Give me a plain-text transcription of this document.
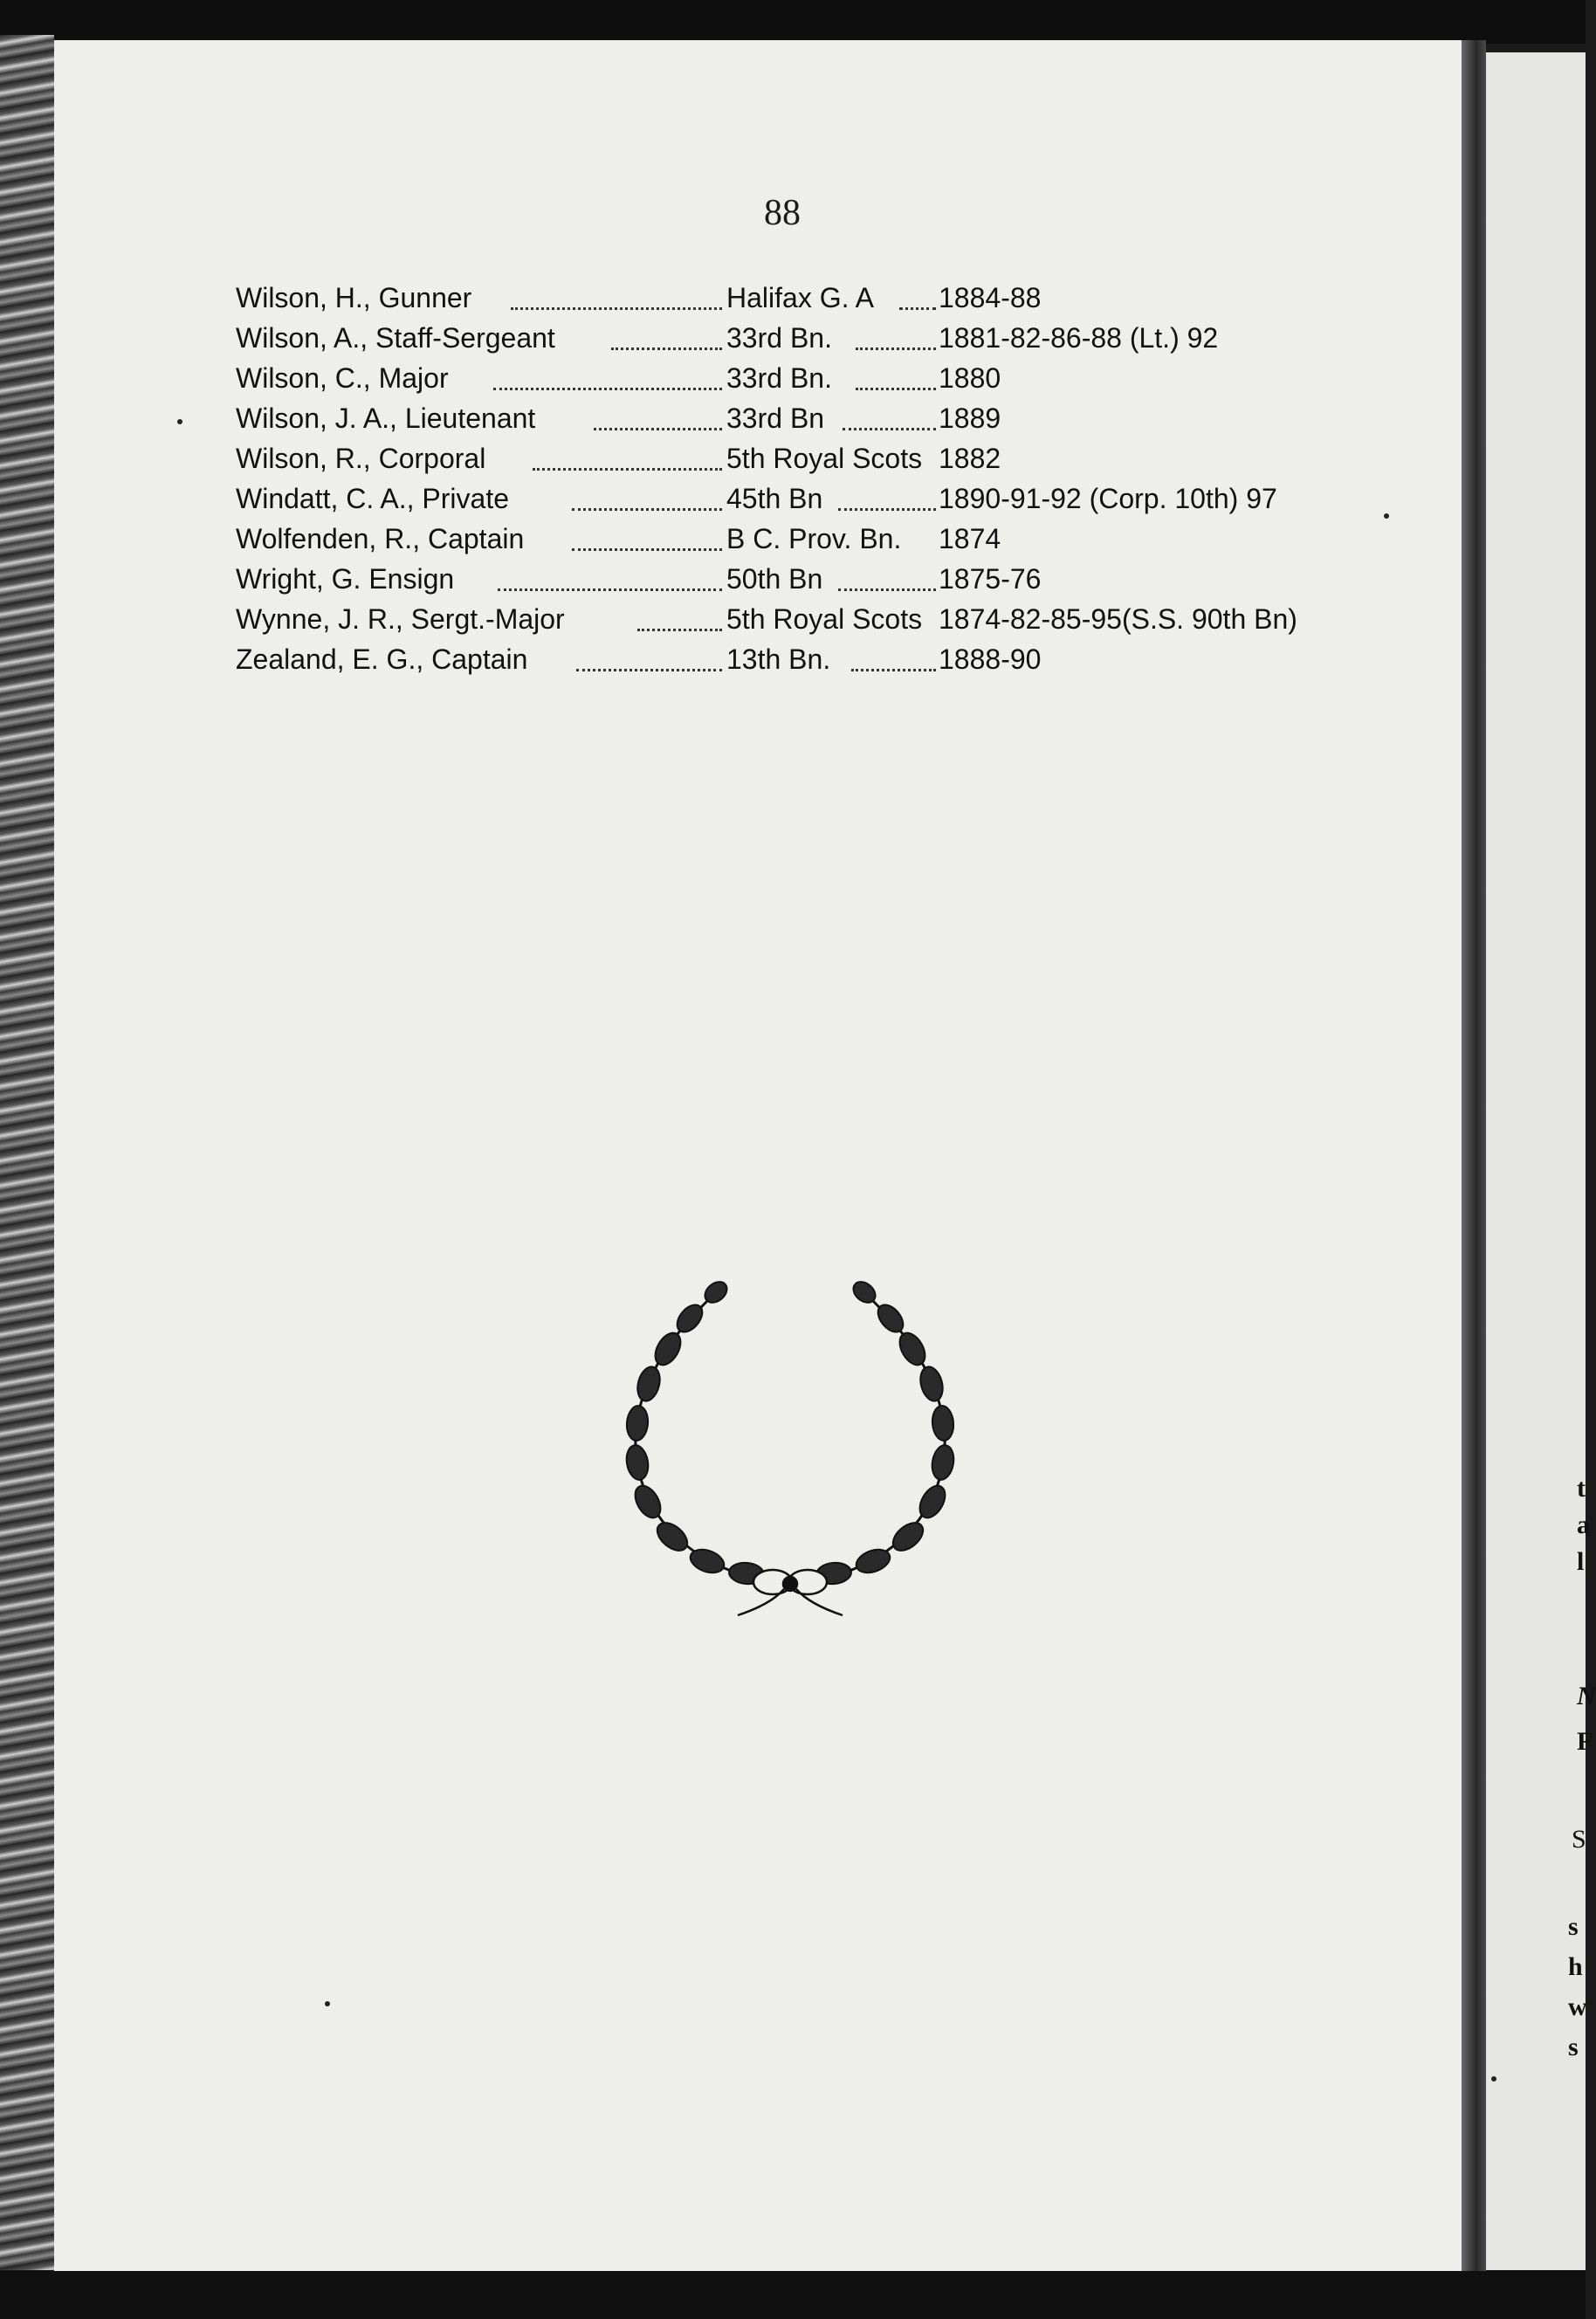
88
Wilson, H., Gunner	Halifax G. A 1884-88
Wilson, A., Staff-Sergeant	33rd Bn.	1881-82-86-88 (Lt.) 92
Wilson, C., Major	33rd Bn.	1880
Wilson, J. A., Lieutenant	33rd Bn	1889
Wilson, R., Corporal	5th Royal Scots 1882
Windatt, C. A., Private	45th Bn	1890-91-92 (Corp. 10th) 97
Wolfenden, R., Captain	B C. Prov. Bn. 1874
Wright, G. Ensign	50th Bn	1875-76
Wynne, J. R., Sergt.-Major	5th Royal Scots 1874-82-85-95(S.S. 90th Bn)
Zealand, E. G., Captain	13th Bn.	1888-90
t
a
l
N
F
S
s
h
w
s
